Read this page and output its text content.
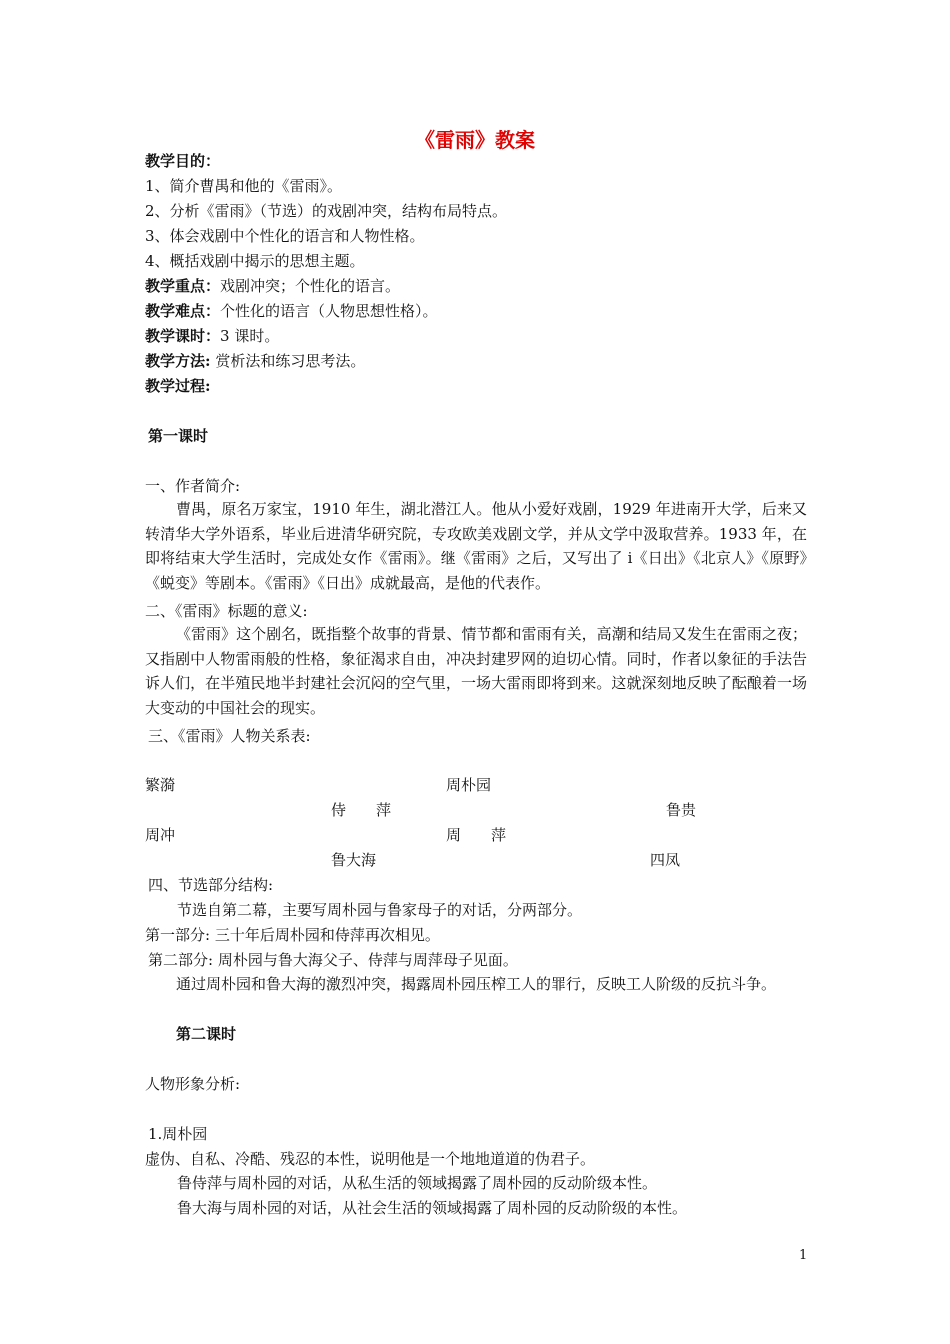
《雷雨》教案
教学目的：
1、简介曹禺和他的《雷雨》。
2、分析《雷雨》（节选）的戏剧冲突，结构布局特点。
3、体会戏剧中个性化的语言和人物性格。
4、概括戏剧中揭示的思想主题。
教学重点：戏剧冲突；个性化的语言。
教学难点：个性化的语言（人物思想性格）。
教学课时：3 课时。
教学方法: 赏析法和练习思考法。
教学过程:
第一课时
一、作者简介:
曹禺，原名万家宝，1910 年生，湖北潜江人。他从小爱好戏剧，1929 年进南开大学，后来又转清华大学外语系，毕业后进清华研究院，专攻欧美戏剧文学，并从文学中汲取营养。1933 年，在即将结束大学生活时，完成处女作《雷雨》。继《雷雨》之后，又写出了 i《日出》《北京人》《原野》《蜕变》等剧本。《雷雨》《日出》成就最高，是他的代表作。
二、《雷雨》标题的意义:
《雷雨》这个剧名，既指整个故事的背景、情节都和雷雨有关，高潮和结局又发生在雷雨之夜；又指剧中人物雷雨般的性格，象征渴求自由，冲决封建罗网的迫切心情。同时，作者以象征的手法告诉人们，在半殖民地半封建社会沉闷的空气里，一场大雷雨即将到来。这就深刻地反映了酝酿着一场大变动的中国社会的现实。
三、《雷雨》人物关系表:
繁漪	周朴园
侍　　萍	鲁贵
周冲	周　　萍
鲁大海	四凤
四、节选部分结构:
节选自第二幕，主要写周朴园与鲁家母子的对话，分两部分。
第一部分: 三十年后周朴园和侍萍再次相见。
第二部分: 周朴园与鲁大海父子、侍萍与周萍母子见面。
通过周朴园和鲁大海的激烈冲突，揭露周朴园压榨工人的罪行，反映工人阶级的反抗斗争。
第二课时
人物形象分析:
1.周朴园
虚伪、自私、冷酷、残忍的本性，说明他是一个地地道道的伪君子。
鲁侍萍与周朴园的对话，从私生活的领域揭露了周朴园的反动阶级本性。
鲁大海与周朴园的对话，从社会生活的领域揭露了周朴园的反动阶级的本性。
1
